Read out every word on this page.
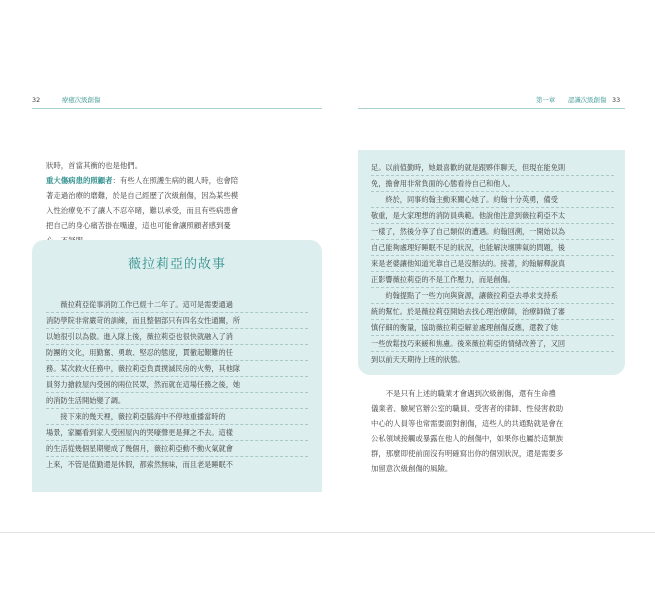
32	療癒次級創傷	第一章 認識次級創傷 33
狀時，首當其衝的也是他們。
重大傷病患的照顧者：有些人在照護生病的親人時，也會陪
著走過治療的磨難，於是自己經歷了次級創傷，因為某些模
入性治療免不了讓人不忍卒睹，難以承受，而且有些病患會
把自己的身心痛苦掛在嘴邊，這也可能會讓照顧者感到憂
薇拉莉亞的故事
　　薇拉莉亞從事消防工作已經十二年了。這可是需要通過
消防學院非常嚴苛的訓練，而且整個部只有四名女性通關，所
以她很引以為傲。進入隊上後，薇拉莉亞也很快就融入了消
防團的文化，用勤奮、勇敢、堅忍的態度，貫徹起艱難的任
務。某次救火任務中，薇拉莉亞負責撲滅民房的火勢，其他隊
員努力搶救屋內受困的兩位民眾，然而就在這場任務之後，她
的消防生活開始變了調。
　　接下來的幾天裡，薇拉莉亞腦海中不停地重播當時的
場景，家屬看到家人受困屋內的哭嚎聲更是揮之不去。這樣
的生活從幾個星期變成了幾個月，薇拉莉亞動不動火氣就會
上來，不管是值勤還是休假，都索然無味，而且老是睡眠不
足。以前值勤時，她最喜歡的就是跟夥伴聊天，但現在能免則
免，擔會用非常負面的心態看待自己和他人。
　　終於，同事約翰主動來關心她了。約翰十分英勇，備受
敬重，是大家理想的消防員典範。他說他注意到薇拉莉亞不太
一樣了，然後分享了自己類似的遭遇。約翰回溯，一開始以為
自己能夠處理好睡眠不足的狀況，也能解決壞脾氣的問題，後
來是老婆讓他知道光靠自己是沒辦法的。接著，約翰解釋說真
正影響薇拉莉亞的不是工作壓力，而是創傷。
　　約翰提點了一些方向與資源，讓薇拉莉亞去尋求支持系
統的幫忙。於是薇拉莉亞開始去找心理治療師，治療師做了審
慎仔細的衡量，協助薇拉莉亞解並處理創傷反應，還教了她
一些放鬆技巧來緩和焦慮。後來薇拉莉亞的情緒改善了，又回
到以前天天期待上班的狀態。
　　不是只有上述的職業才會遇到次級創傷，還有生命禮
儀業者、驗屍官辦公室的職員、受害者的律師、性侵害救助
中心的人員等也常需要面對創傷，這些人的共通點就是會在
公私領域接觸或暴露在他人的創傷中，如果你也屬於這類族
群，那麼即使前面沒有明確寫出你的個別狀況，還是需要多
加留意次級創傷的風險。
